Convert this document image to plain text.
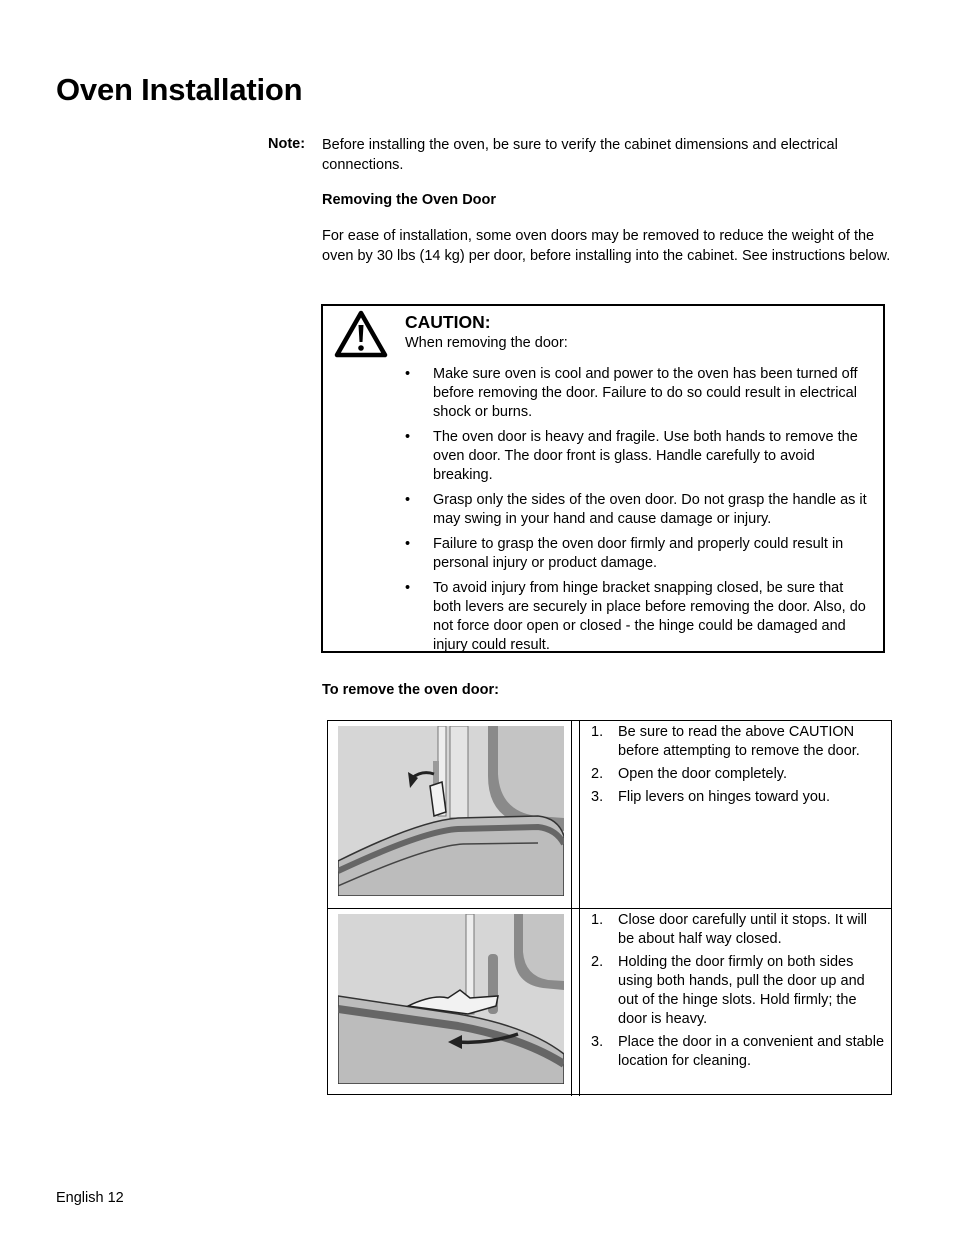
Oven Installation
Note: Before installing the oven, be sure to verify the cabinet dimensions and electrical connections.
Removing the Oven Door
For ease of installation, some oven doors may be removed to reduce the weight of the oven by 30 lbs (14 kg) per door, before installing into the cabinet. See instructions below.
CAUTION:
When removing the door:
• Make sure oven is cool and power to the oven has been turned off before removing the door. Failure to do so could result in electrical shock or burns.
• The oven door is heavy and fragile. Use both hands to remove the oven door. The door front is glass. Handle carefully to avoid breaking.
• Grasp only the sides of the oven door. Do not grasp the handle as it may swing in your hand and cause damage or injury.
• Failure to grasp the oven door firmly and properly could result in personal injury or product damage.
• To avoid injury from hinge bracket snapping closed, be sure that both levers are securely in place before removing the door. Also, do not force door open or closed - the hinge could be damaged and injury could result.
To remove the oven door:
1. Be sure to read the above CAUTION before attempting to remove the door.
2. Open the door completely.
3. Flip levers on hinges toward you.
1. Close door carefully until it stops. It will be about half way closed.
2. Holding the door firmly on both sides using both hands, pull the door up and out of the hinge slots. Hold firmly; the door is heavy.
3. Place the door in a convenient and stable location for cleaning.
English 12
